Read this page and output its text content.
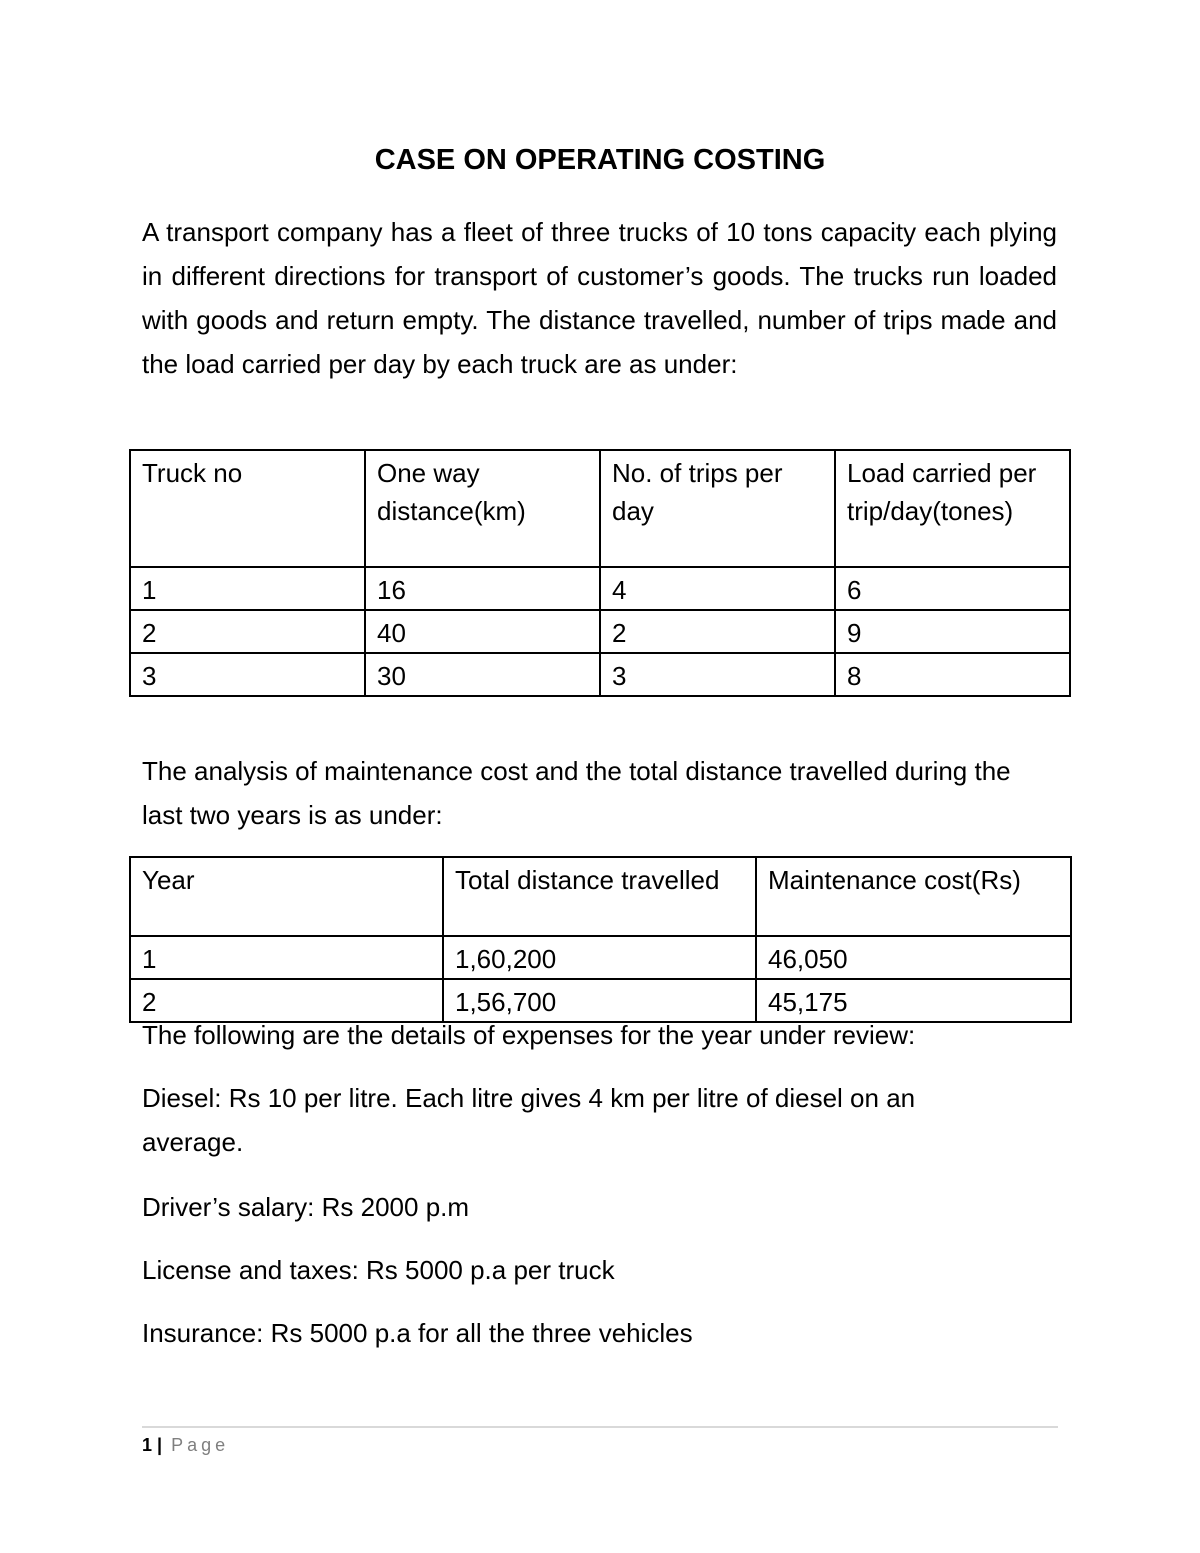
CASE ON OPERATING COSTING

A transport company has a fleet of three trucks of 10 tons capacity each plying in different directions for transport of customer’s goods. The trucks run loaded with goods and return empty. The distance travelled, number of trips made and the load carried per day by each truck are as under:

Truck no	One way distance(km)	No. of trips per day	Load carried per trip/day(tones)
1	16	4	6
2	40	2	9
3	30	3	8

The analysis of maintenance cost and the total distance travelled during the last two years is as under:

Year	Total distance travelled	Maintenance cost(Rs)
1	1,60,200	46,050
2	1,56,700	45,175

The following are the details of expenses for the year under review:

Diesel: Rs 10 per litre. Each litre gives 4 km per litre of diesel on an average.

Driver’s salary: Rs 2000 p.m

License and taxes: Rs 5000 p.a per truck

Insurance: Rs 5000 p.a for all the three vehicles

1 | Page
